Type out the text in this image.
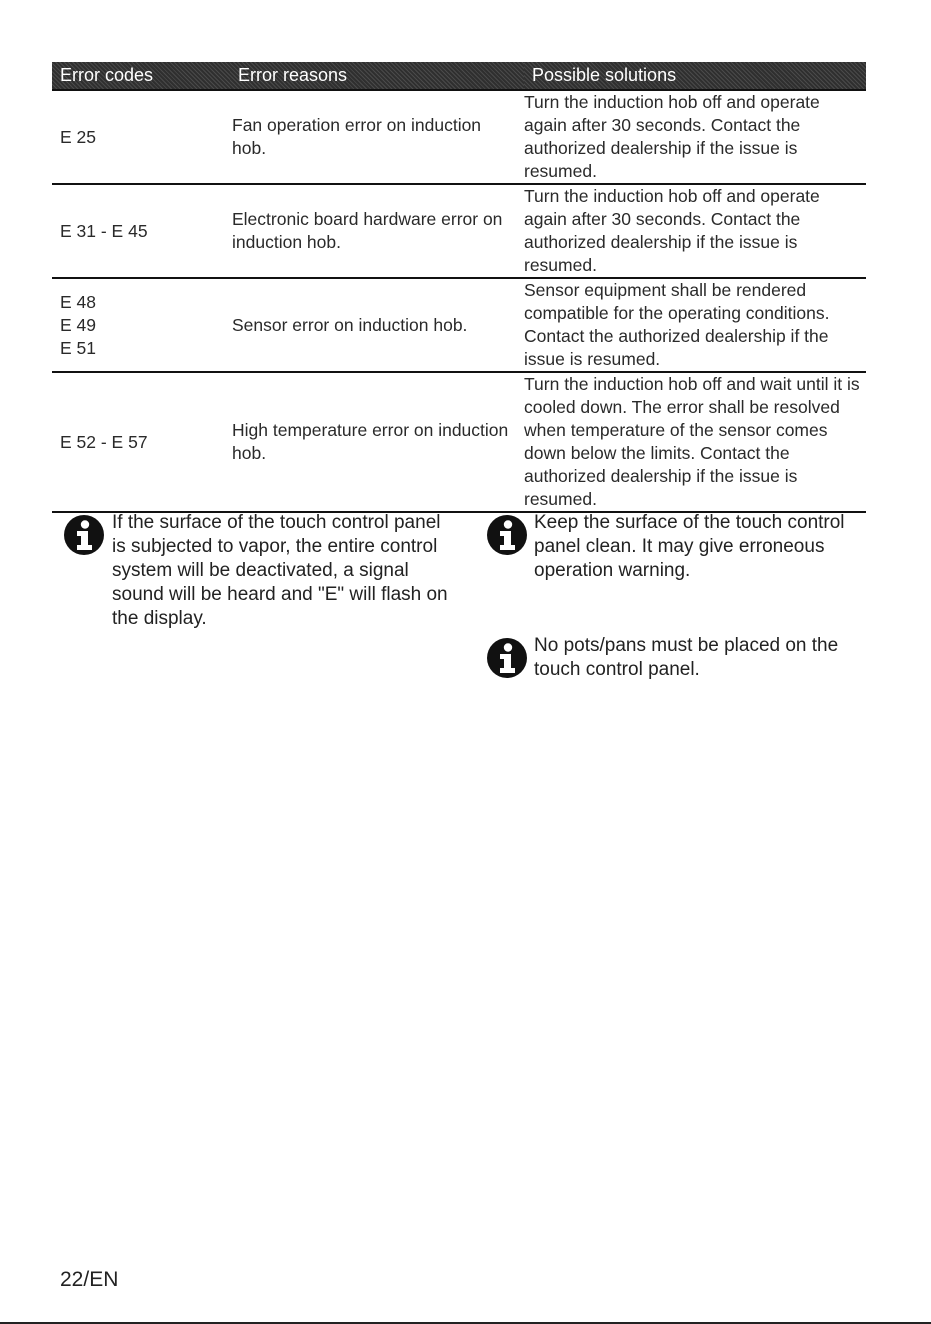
Error codes	Error reasons	Possible solutions

E 25	Fan operation error on induction hob.	Turn the induction hob off and operate again after 30 seconds. Contact the authorized dealership if the issue is resumed.

E 31 - E 45	Electronic board hardware error on induction hob.	Turn the induction hob off and operate again after 30 seconds. Contact the authorized dealership if the issue is resumed.

E 48
E 49
E 51	Sensor error on induction hob.	Sensor equipment shall be rendered compatible for the operating conditions. Contact the authorized dealership if the issue is resumed.

E 52 - E 57	High temperature error on induction hob.	Turn the induction hob off and wait until it is cooled down. The error shall be resolved when temperature of the sensor comes down below the limits. Contact the authorized dealership if the issue is resumed.
If the surface of the touch control panel is subjected to vapor, the entire control system will be deactivated, a signal sound will be heard and "E" will flash on the display.
Keep the surface of the touch control panel clean. It may give erroneous operation warning.
No pots/pans must be placed on the touch control panel.
22/EN
